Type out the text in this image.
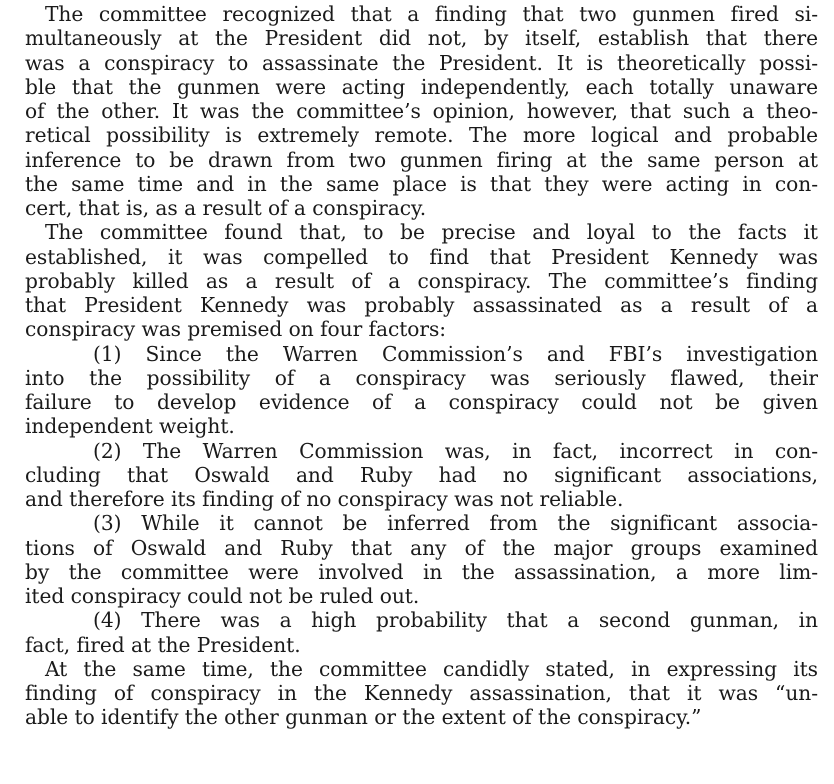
The committee recognized that a finding that two gunmen fired si-
multaneously at the President did not, by itself, establish that there
was a conspiracy to assassinate the President. It is theoretically possi-
ble that the gunmen were acting independently, each totally unaware
of the other. It was the committee’s opinion, however, that such a theo-
retical possibility is extremely remote. The more logical and probable
inference to be drawn from two gunmen firing at the same person at
the same time and in the same place is that they were acting in con-
cert, that is, as a result of a conspiracy.
The committee found that, to be precise and loyal to the facts it
established, it was compelled to find that President Kennedy was
probably killed as a result of a conspiracy. The committee’s finding
that President Kennedy was probably assassinated as a result of a
conspiracy was premised on four factors:
(1) Since the Warren Commission’s and FBI’s investigation
into the possibility of a conspiracy was seriously flawed, their
failure to develop evidence of a conspiracy could not be given
independent weight.
(2) The Warren Commission was, in fact, incorrect in con-
cluding that Oswald and Ruby had no significant associations,
and therefore its finding of no conspiracy was not reliable.
(3) While it cannot be inferred from the significant associa-
tions of Oswald and Ruby that any of the major groups examined
by the committee were involved in the assassination, a more lim-
ited conspiracy could not be ruled out.
(4) There was a high probability that a second gunman, in
fact, fired at the President.
At the same time, the committee candidly stated, in expressing its
finding of conspiracy in the Kennedy assassination, that it was “un-
able to identify the other gunman or the extent of the conspiracy.”
